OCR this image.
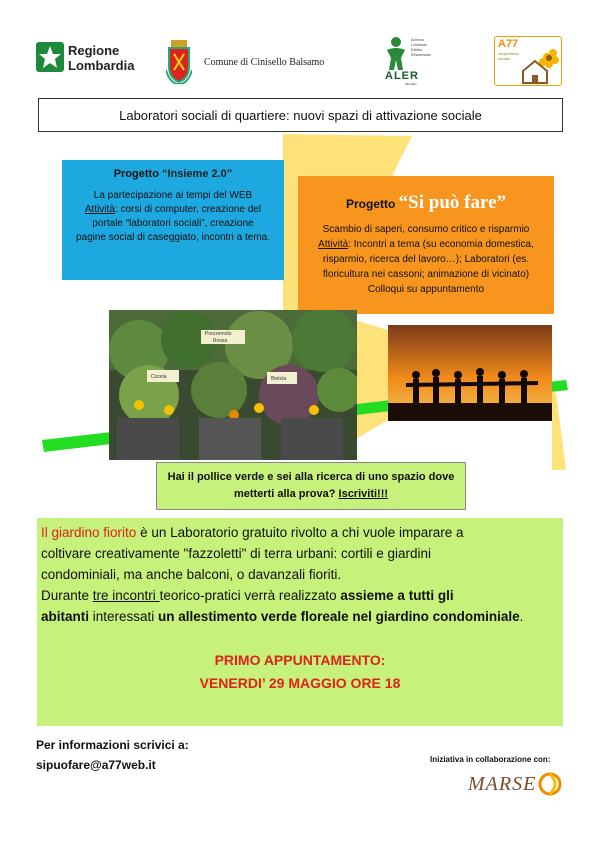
Regione
Lombardia	Comune di Cinisello Balsamo
Azienda
Lombarda
Edilizia
Residenziale
ALER
MILANO
A77
cooperativa
sociale
Laboratori sociali di quartiere: nuovi spazi di attivazione sociale
Progetto “Insieme 2.0”
La partecipazione ai tempi del WEB
Attività: corsi di computer, creazione del
portale “laboratori sociali”, creazione
pagine social di caseggiato, incontri a tema.
Progetto “Si può fare”
Scambio di saperi, consumo critico e risparmio
Attività: Incontri a tema (su economia domestica,
risparmio, ricerca del lavoro…); Laboratori (es.
floricultura nei cassoni; animazione di vicinato)
Colloqui su appuntamento
Prezzemolo
Rossa
Cicoria	Bietola
Hai il pollice verde e sei alla ricerca di uno spazio dove
metterti alla prova? Iscriviti!!!
Il giardino fiorito è un Laboratorio gratuito rivolto a chi vuole imparare a
coltivare creativamente "fazzoletti" di terra urbani: cortili e giardini
condominiali, ma anche balconi, o davanzali fioriti.
Durante tre incontri teorico-pratici verrà realizzato assieme a tutti gli
abitanti interessati un allestimento verde floreale nel giardino condominiale.
PRIMO APPUNTAMENTO:
VENERDI’ 29 MAGGIO ORE 18
Per informazioni scrivici a:
sipuofare@a77web.it	Iniziativa in collaborazione con:
MARSE
